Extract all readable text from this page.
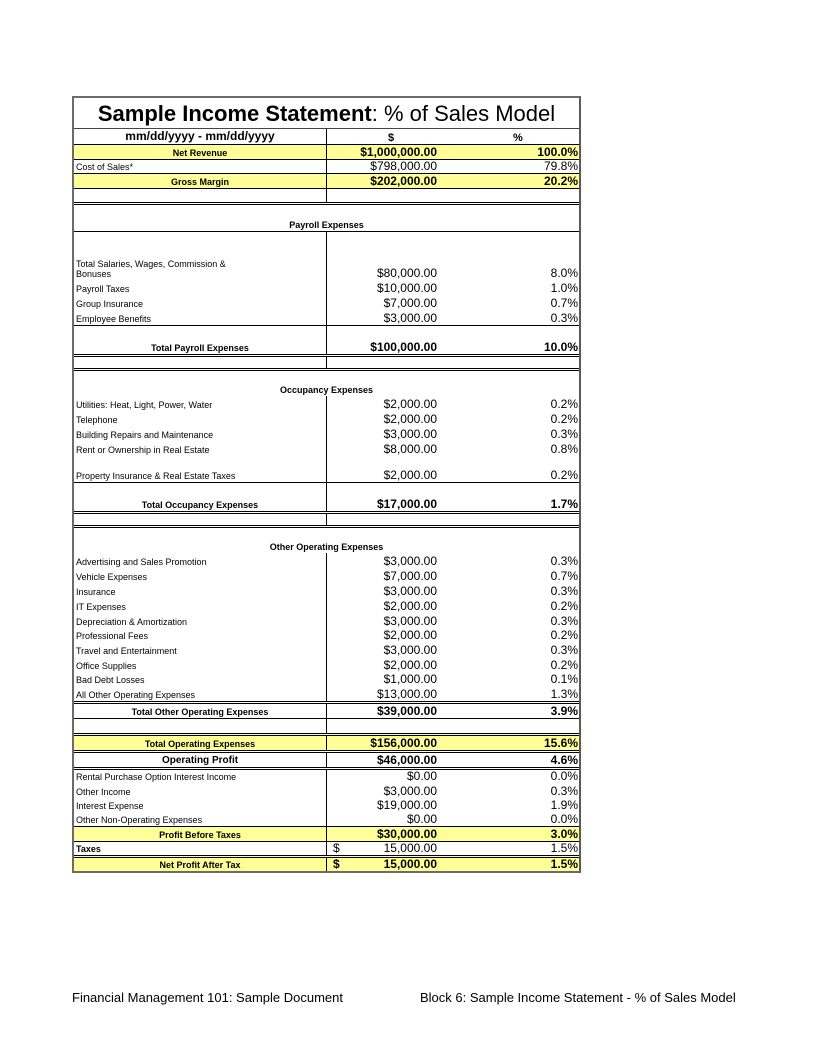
Sample Income Statement: % of Sales Model
mm/dd/yyyy - mm/dd/yyyy	$	%
Net Revenue	$1,000,000.00	100.0%
Cost of Sales*	$798,000.00	79.8%
Gross Margin	$202,000.00	20.2%
Payroll Expenses
Total Salaries, Wages, Commission &
Bonuses	$80,000.00	8.0%
Payroll Taxes	$10,000.00	1.0%
Group Insurance	$7,000.00	0.7%
Employee Benefits	$3,000.00	0.3%
Total Payroll Expenses	$100,000.00	10.0%
Occupancy Expenses
Utilities: Heat, Light, Power, Water	$2,000.00	0.2%
Telephone	$2,000.00	0.2%
Building Repairs and Maintenance	$3,000.00	0.3%
Rent or Ownership in Real Estate	$8,000.00	0.8%
Property Insurance & Real Estate Taxes	$2,000.00	0.2%
Total Occupancy Expenses	$17,000.00	1.7%
Other Operating Expenses
Advertising and Sales Promotion	$3,000.00	0.3%
Vehicle Expenses	$7,000.00	0.7%
Insurance	$3,000.00	0.3%
IT Expenses	$2,000.00	0.2%
Depreciation & Amortization	$3,000.00	0.3%
Professional Fees	$2,000.00	0.2%
Travel and Entertainment	$3,000.00	0.3%
Office Supplies	$2,000.00	0.2%
Bad Debt Losses	$1,000.00	0.1%
All Other Operating Expenses	$13,000.00	1.3%
Total Other Operating Expenses	$39,000.00	3.9%
Total Operating Expenses	$156,000.00	15.6%
Operating Profit	$46,000.00	4.6%
Rental Purchase Option Interest Income	$0.00	0.0%
Other Income	$3,000.00	0.3%
Interest Expense	$19,000.00	1.9%
Other Non-Operating Expenses	$0.00	0.0%
Profit Before Taxes	$30,000.00	3.0%
Taxes	$	15,000.00	1.5%
Net Profit After Tax	$	15,000.00	1.5%
Financial Management 101: Sample Document	Block 6: Sample Income Statement - % of Sales Model
